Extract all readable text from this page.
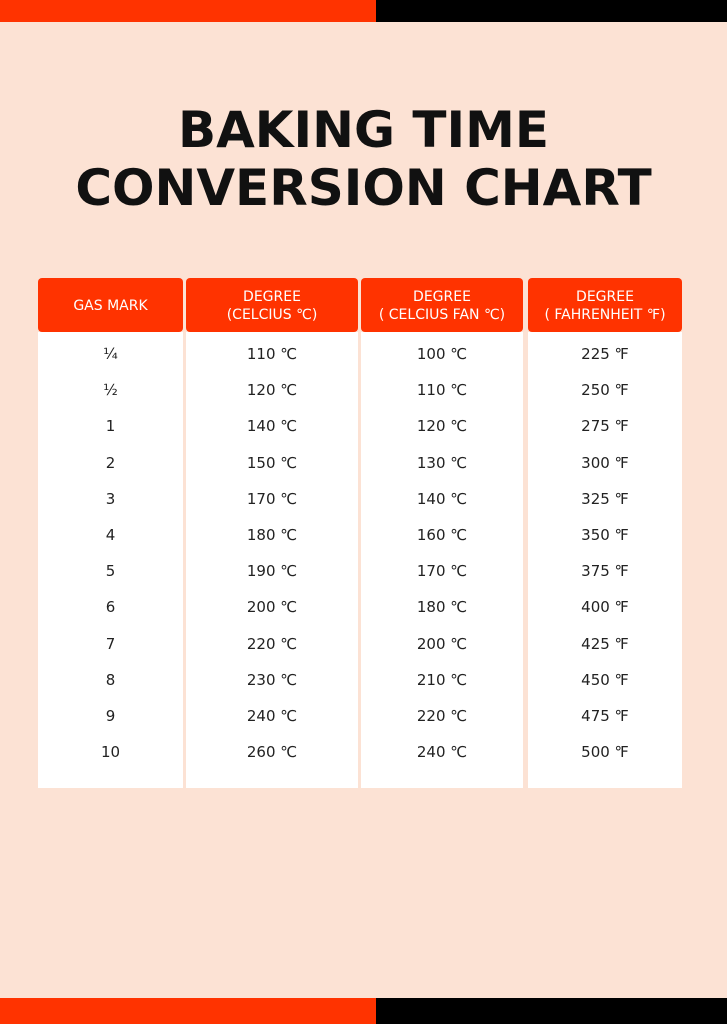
BAKING TIME
CONVERSION CHART
GAS MARK
¼
½
1
2
3
4
5
6
7
8
9
10
DEGREE
(CELCIUS ℃)
110 ℃
120 ℃
140 ℃
150 ℃
170 ℃
180 ℃
190 ℃
200 ℃
220 ℃
230 ℃
240 ℃
260 ℃
DEGREE
( CELCIUS FAN ℃)
100 ℃
110 ℃
120 ℃
130 ℃
140 ℃
160 ℃
170 ℃
180 ℃
200 ℃
210 ℃
220 ℃
240 ℃
DEGREE
( FAHRENHEIT ℉)
225 ℉
250 ℉
275 ℉
300 ℉
325 ℉
350 ℉
375 ℉
400 ℉
425 ℉
450 ℉
475 ℉
500 ℉
